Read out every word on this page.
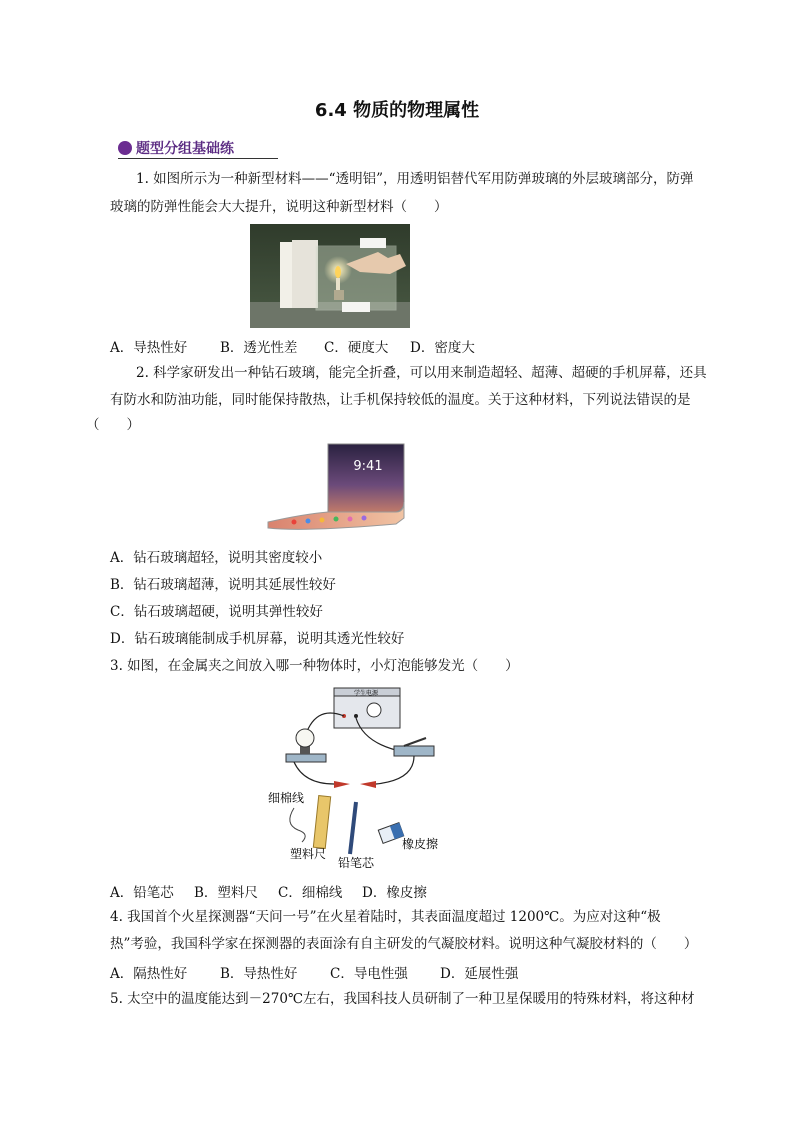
6.4 物质的物理属性
题型分组基础练
1. 如图所示为一种新型材料——“透明铝”，用透明铝替代军用防弹玻璃的外层玻璃部分，防弹
玻璃的防弹性能会大大提升，说明这种新型材料（　　）
A．导热性好 B．透光性差 C．硬度大 D．密度大
2. 科学家研发出一种钻石玻璃，能完全折叠，可以用来制造超轻、超薄、超硬的手机屏幕，还具
有防水和防油功能，同时能保持散热，让手机保持较低的温度。关于这种材料，下列说法错误的是
（　　）
9:41
A．钻石玻璃超轻，说明其密度较小
B．钻石玻璃超薄，说明其延展性较好
C．钻石玻璃超硬，说明其弹性较好
D．钻石玻璃能制成手机屏幕，说明其透光性较好
3. 如图，在金属夹之间放入哪一种物体时，小灯泡能够发光（　　）
学生电源
细棉线
塑料尺
铅笔芯
橡皮擦
A．铅笔芯 B．塑料尺 C．细棉线 D．橡皮擦
4. 我国首个火星探测器“天问一号”在火星着陆时，其表面温度超过 1200℃。为应对这种“极
热”考验，我国科学家在探测器的表面涂有自主研发的气凝胶材料。说明这种气凝胶材料的（　　）
A．隔热性好 B．导热性好 C．导电性强 D．延展性强
5. 太空中的温度能达到－270℃左右，我国科技人员研制了一种卫星保暖用的特殊材料，将这种材
